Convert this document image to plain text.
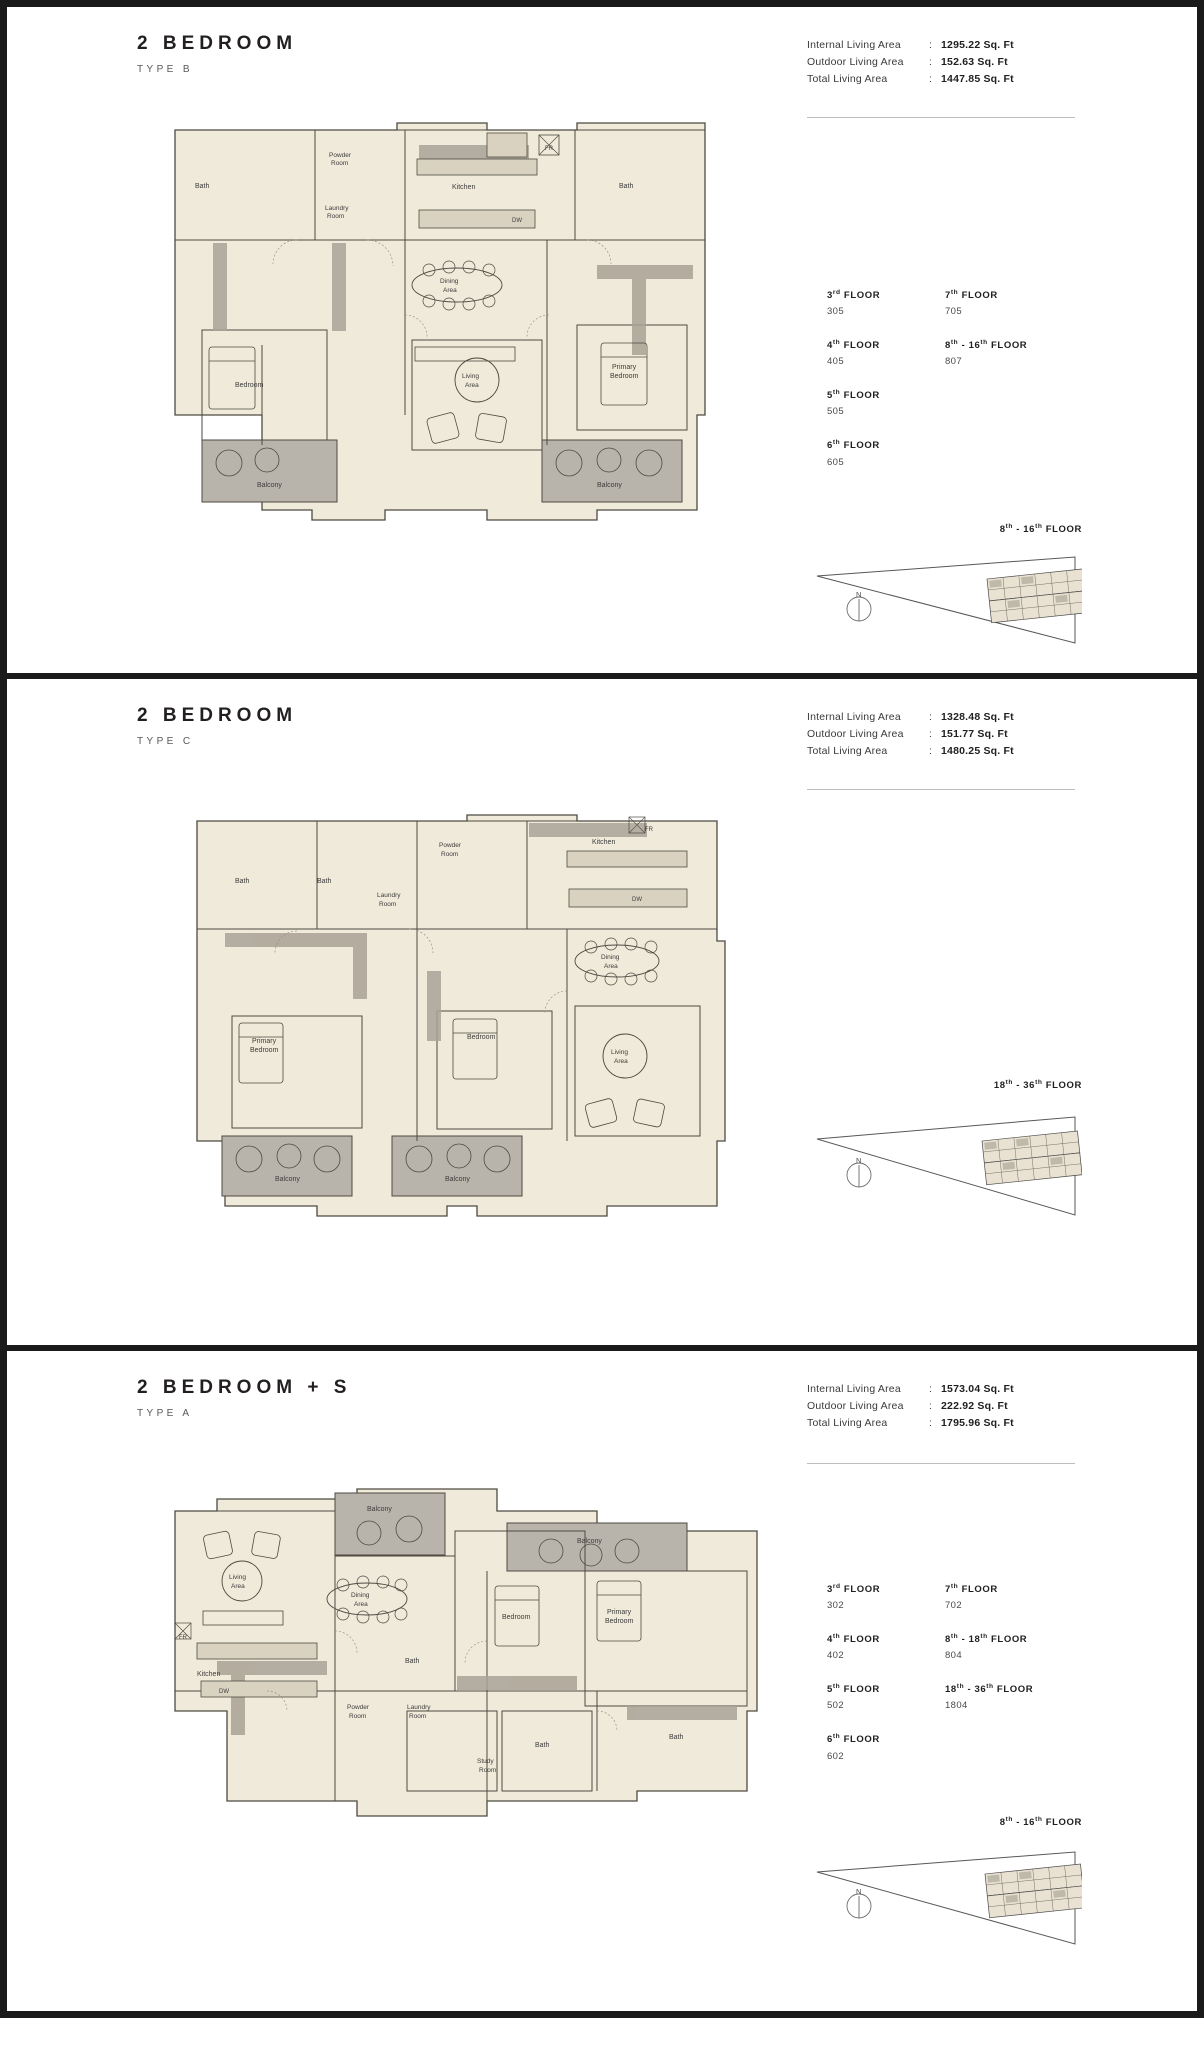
2 BEDROOM
TYPE B
Internal Living Area	: 1295.22 Sq. Ft
Outdoor Living Area	: 152.63 Sq. Ft
Total Living Area	: 1447.85 Sq. Ft
3rd FLOOR
305
7th FLOOR
705
4th FLOOR
405
8th - 16th FLOOR
807
5th FLOOR
505
6th FLOOR
605
8th - 16th FLOOR
N
Balcony	Balcony
Kitchen
FR
DW
Bath
Powder
Room
Laundry
Room
Bath
Dining
Area
Living
Area
Bedroom
Primary
Bedroom
2 BEDROOM
TYPE C
Internal Living Area	: 1328.48 Sq. Ft
Outdoor Living Area	: 151.77 Sq. Ft
Total Living Area	: 1480.25 Sq. Ft
18th - 36th FLOOR
N
Balcony	Balcony
Kitchen
FR
DW
Bath	Bath
Powder
Room
Laundry
Room
Dining
Area
Living
Area
Primary
Bedroom
Bedroom
2 BEDROOM + S
TYPE A
Internal Living Area	: 1573.04 Sq. Ft
Outdoor Living Area	: 222.92 Sq. Ft
Total Living Area	: 1795.96 Sq. Ft
3rd FLOOR
302
7th FLOOR
702
4th FLOOR
402
8th - 18th FLOOR
804
5th FLOOR
502
18th - 36th FLOOR
1804
6th FLOOR
602
8th - 16th FLOOR
N
Balcony
Balcony
Living
Area
Dining
Area
Kitchen
FR
DW
Powder
Room
Laundry
Room
Bath
Bath
Bath
Study
Room
Bedroom
Primary
Bedroom
